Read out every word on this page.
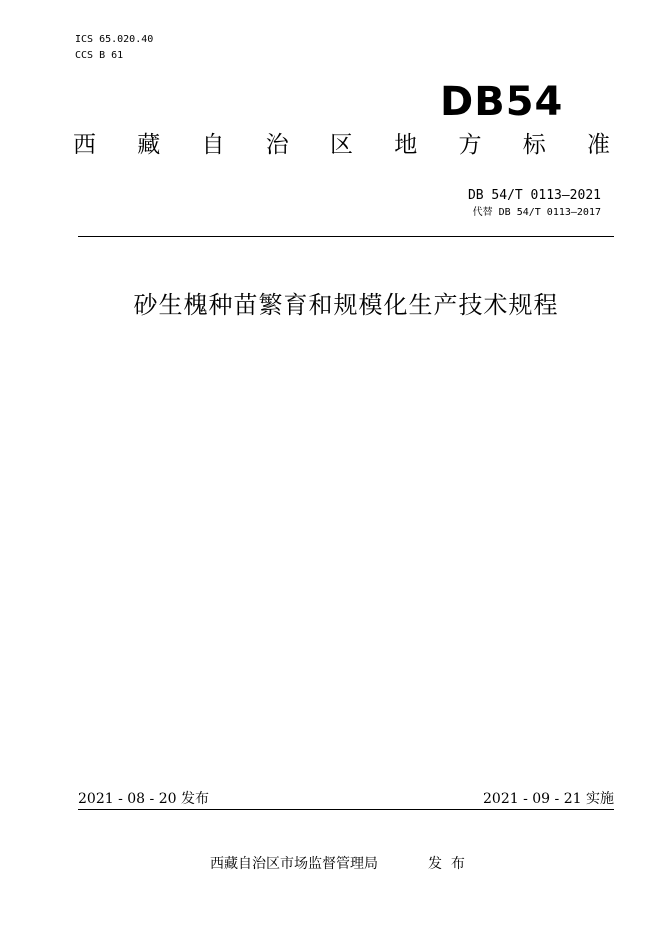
ICS 65.020.40
CCS B 61
DB54
西 藏 自 治 区 地 方 标 准
DB 54/T 0113—2021
代替 DB 54/T 0113—2017
砂生槐种苗繁育和规模化生产技术规程
2021 - 08 - 20 发布	2021 - 09 - 21 实施
西藏自治区市场监督管理局	发  布
